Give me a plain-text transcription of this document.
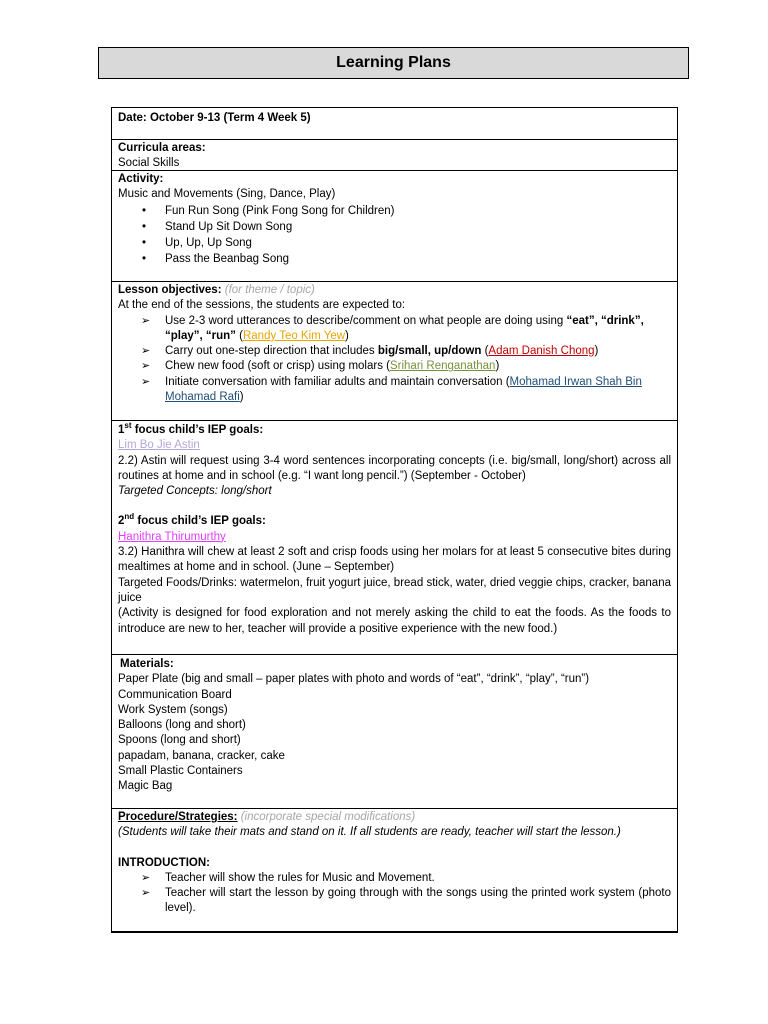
Learning Plans
Date: October 9-13 (Term 4 Week 5)
Curricula areas:
Social Skills
Activity:
Music and Movements (Sing, Dance, Play)
• Fun Run Song (Pink Fong Song for Children)
• Stand Up Sit Down Song
• Up, Up, Up Song
• Pass the Beanbag Song
Lesson objectives: (for theme / topic)
At the end of the sessions, the students are expected to:
➢ Use 2-3 word utterances to describe/comment on what people are doing using “eat”, “drink”, “play”, “run” (Randy Teo Kim Yew)
➢ Carry out one-step direction that includes big/small, up/down (Adam Danish Chong)
➢ Chew new food (soft or crisp) using molars (Srihari Renganathan)
➢ Initiate conversation with familiar adults and maintain conversation (Mohamad Irwan Shah Bin Mohamad Rafi)
1st focus child’s IEP goals:
Lim Bo Jie Astin
2.2) Astin will request using 3-4 word sentences incorporating concepts (i.e. big/small, long/short) across all routines at home and in school (e.g. “I want long pencil.”) (September - October)
Targeted Concepts: long/short
2nd focus child’s IEP goals:
Hanithra Thirumurthy
3.2) Hanithra will chew at least 2 soft and crisp foods using her molars for at least 5 consecutive bites during mealtimes at home and in school. (June – September)
Targeted Foods/Drinks: watermelon, fruit yogurt juice, bread stick, water, dried veggie chips, cracker, banana juice
(Activity is designed for food exploration and not merely asking the child to eat the foods. As the foods to introduce are new to her, teacher will provide a positive experience with the new food.)
Materials:
Paper Plate (big and small – paper plates with photo and words of “eat”, “drink”, “play”, “run”)
Communication Board
Work System (songs)
Balloons (long and short)
Spoons (long and short)
papadam, banana, cracker, cake
Small Plastic Containers
Magic Bag
Procedure/Strategies: (incorporate special modifications)
(Students will take their mats and stand on it. If all students are ready, teacher will start the lesson.)
INTRODUCTION:
➢ Teacher will show the rules for Music and Movement.
➢ Teacher will start the lesson by going through with the songs using the printed work system (photo level).
